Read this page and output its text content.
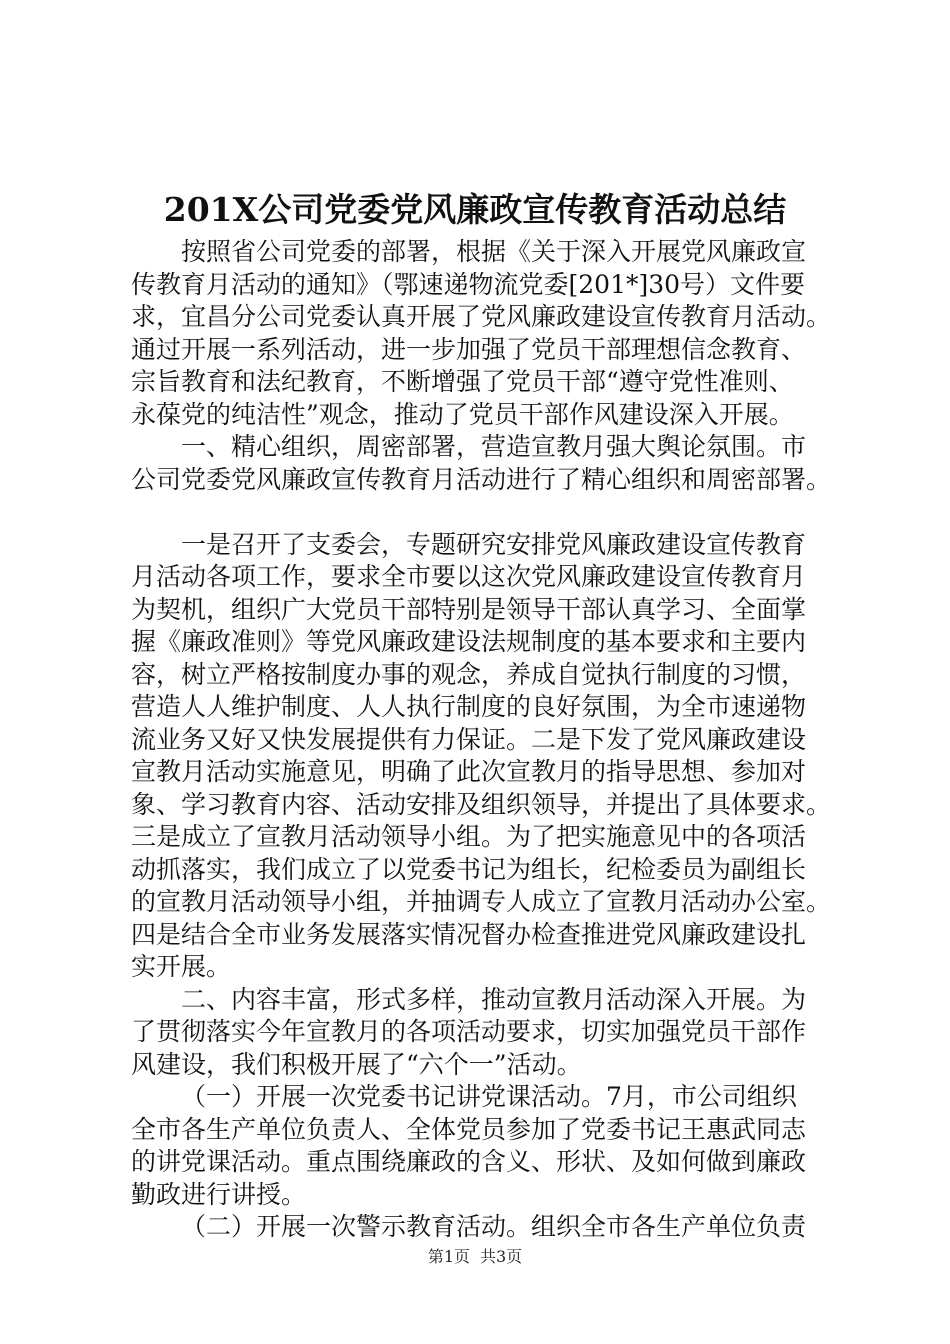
201X公司党委党风廉政宣传教育活动总结
按照省公司党委的部署，根据《关于深入开展党风廉政宣
传教育月活动的通知》（鄂速递物流党委[201*]30号）文件要
求，宜昌分公司党委认真开展了党风廉政建设宣传教育月活动。
通过开展一系列活动，进一步加强了党员干部理想信念教育、
宗旨教育和法纪教育，不断增强了党员干部“遵守党性准则、
永葆党的纯洁性”观念，推动了党员干部作风建设深入开展。
一、精心组织，周密部署，营造宣教月强大舆论氛围。市
公司党委党风廉政宣传教育月活动进行了精心组织和周密部署。
一是召开了支委会，专题研究安排党风廉政建设宣传教育
月活动各项工作，要求全市要以这次党风廉政建设宣传教育月
为契机，组织广大党员干部特别是领导干部认真学习、全面掌
握《廉政准则》等党风廉政建设法规制度的基本要求和主要内
容，树立严格按制度办事的观念，养成自觉执行制度的习惯，
营造人人维护制度、人人执行制度的良好氛围，为全市速递物
流业务又好又快发展提供有力保证。二是下发了党风廉政建设
宣教月活动实施意见，明确了此次宣教月的指导思想、参加对
象、学习教育内容、活动安排及组织领导，并提出了具体要求。
三是成立了宣教月活动领导小组。为了把实施意见中的各项活
动抓落实，我们成立了以党委书记为组长，纪检委员为副组长
的宣教月活动领导小组，并抽调专人成立了宣教月活动办公室。
四是结合全市业务发展落实情况督办检查推进党风廉政建设扎
实开展。
二、内容丰富，形式多样，推动宣教月活动深入开展。为
了贯彻落实今年宣教月的各项活动要求，切实加强党员干部作
风建设，我们积极开展了“六个一”活动。
（一）开展一次党委书记讲党课活动。7月，市公司组织
全市各生产单位负责人、全体党员参加了党委书记王惠武同志
的讲党课活动。重点围绕廉政的含义、形状、及如何做到廉政
勤政进行讲授。
（二）开展一次警示教育活动。组织全市各生产单位负责
第1页 共3页
